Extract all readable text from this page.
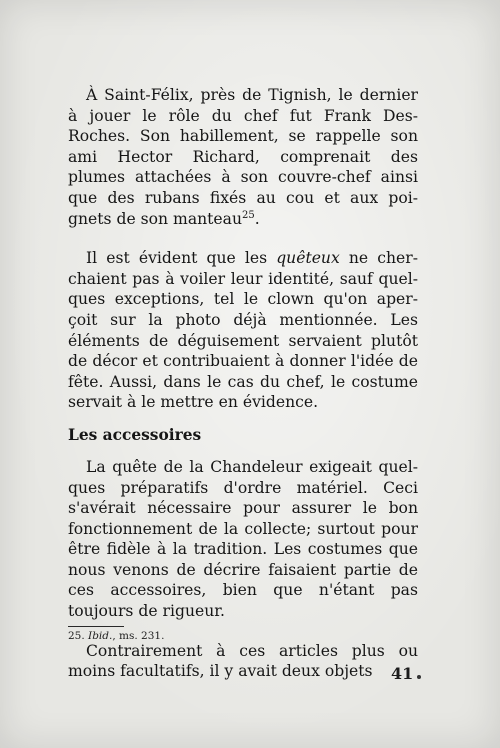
À Saint-Félix, près de Tignish, le dernier à jouer le rôle du chef fut Frank Des-Roches. Son habillement, se rappelle son ami Hector Richard, comprenait des plumes attachées à son couvre-chef ainsi que des rubans fixés au cou et aux poi-gnets de son manteau$^{25}$.

Il est évident que les quêteux ne cher-chaient pas à voiler leur identité, sauf quel-ques exceptions, tel le clown qu'on aper-çoit sur la photo déjà mentionnée. Les éléments de déguisement servaient plutôt de décor et contribuaient à donner l'idée de fête. Aussi, dans le cas du chef, le costume servait à le mettre en évidence.

Les accessoires

La quête de la Chandeleur exigeait quel-ques préparatifs d'ordre matériel. Ceci s'avérait nécessaire pour assurer le bon fonctionnement de la collecte; surtout pour être fidèle à la tradition. Les costumes que nous venons de décrire faisaient partie de ces accessoires, bien que n'étant pas toujours de rigueur.

Contrairement à ces articles plus ou moins facultatifs, il y avait deux objets

25. Ibid., ms. 231.
41
